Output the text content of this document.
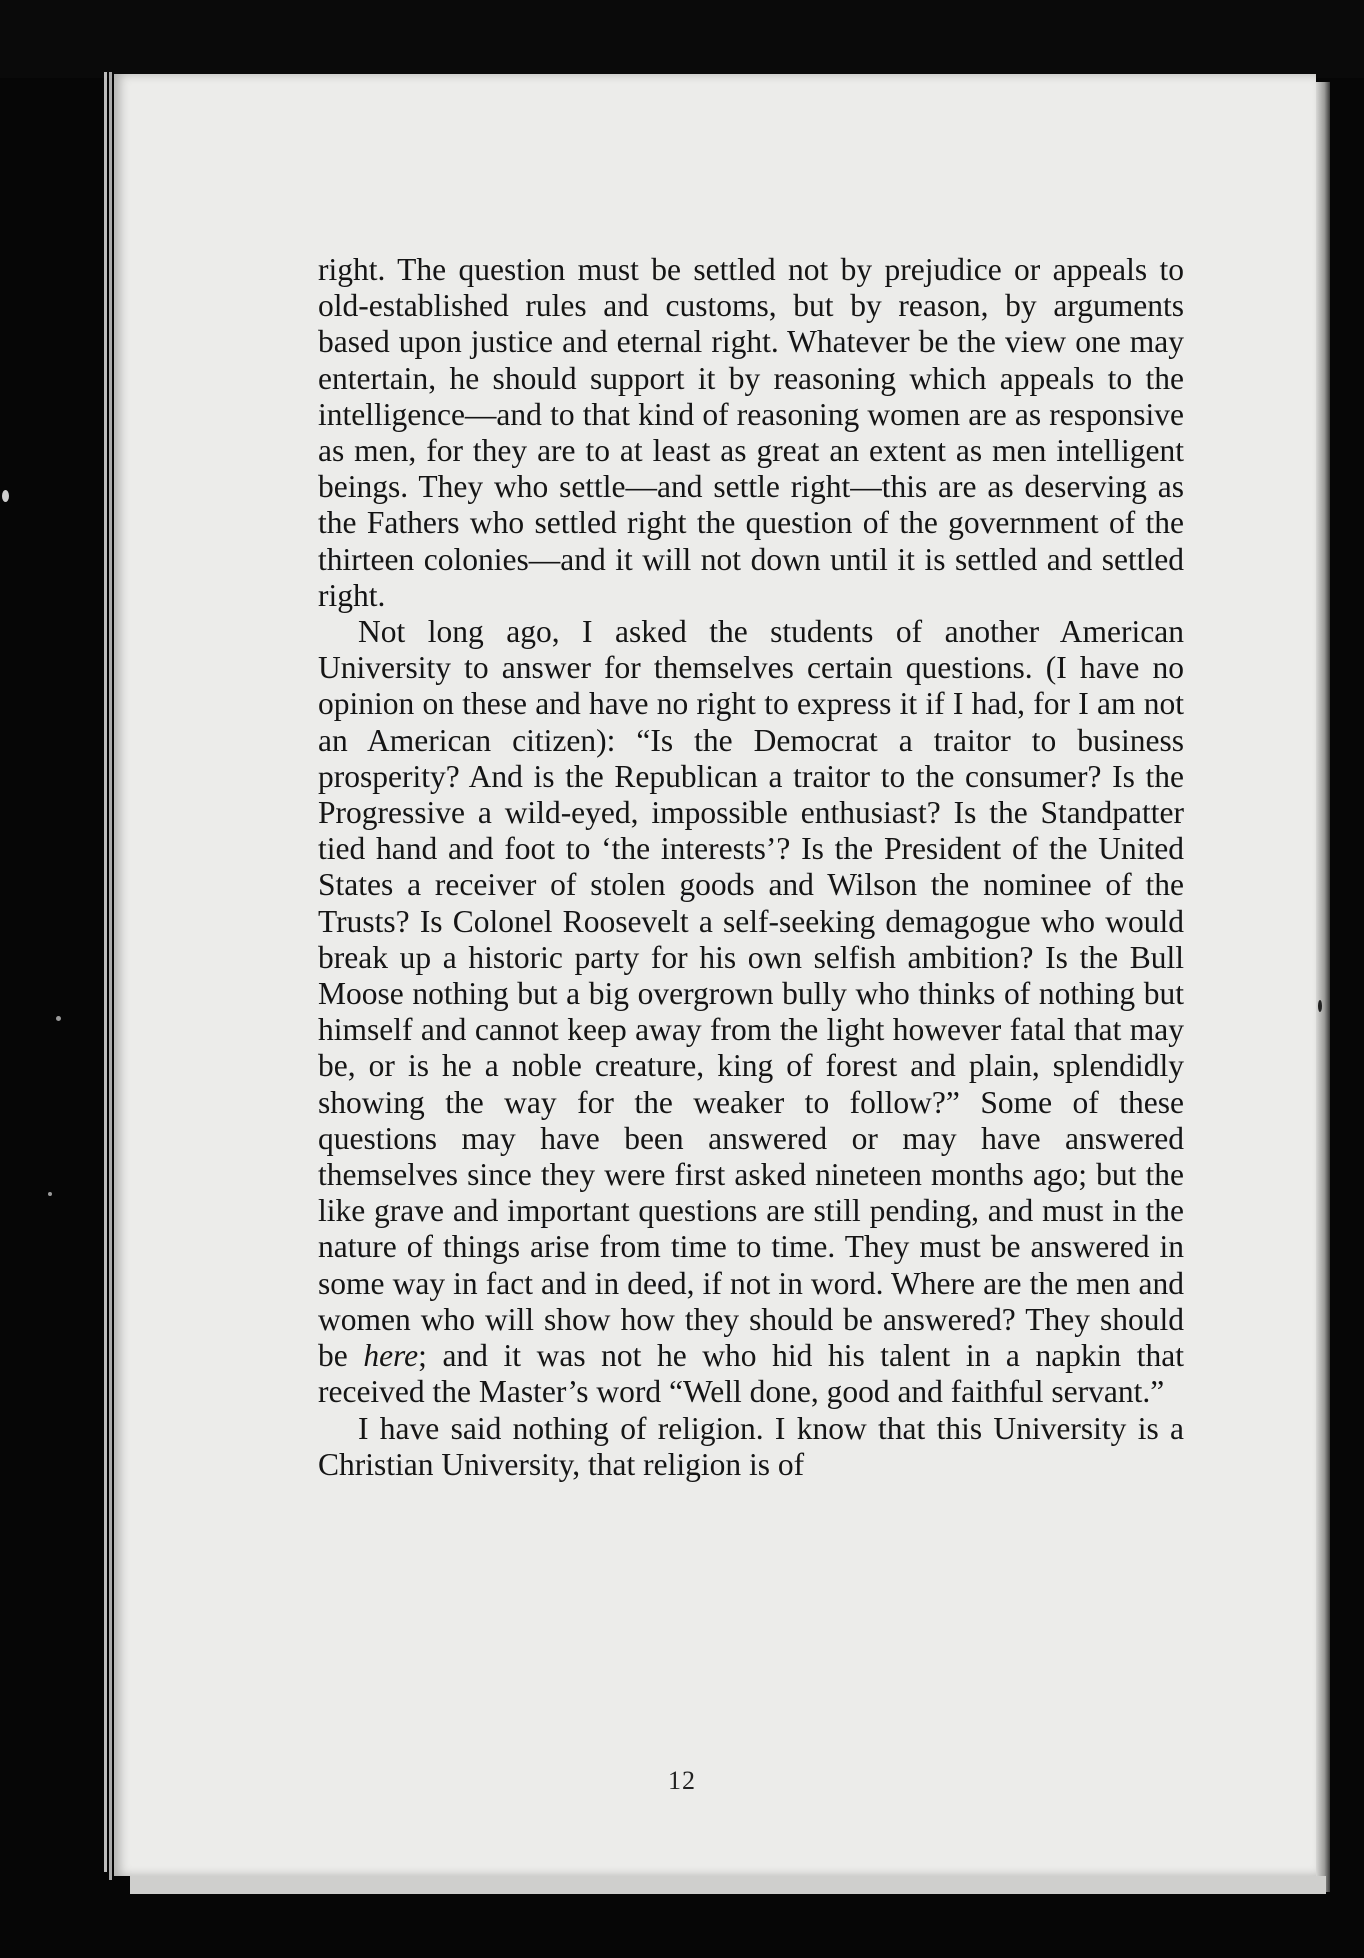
right. The question must be settled not by prejudice or appeals to old-established rules and customs, but by reason, by arguments based upon justice and eternal right. Whatever be the view one may entertain, he should support it by reasoning which appeals to the intelligence—and to that kind of reasoning women are as responsive as men, for they are to at least as great an extent as men intelligent beings. They who settle—and settle right—this are as deserving as the Fathers who settled right the question of the government of the thirteen colonies—and it will not down until it is settled and settled right.

Not long ago, I asked the students of another American University to answer for themselves certain questions. (I have no opinion on these and have no right to express it if I had, for I am not an American citizen): “Is the Democrat a traitor to business prosperity? And is the Republican a traitor to the consumer? Is the Progressive a wild-eyed, impossible enthusiast? Is the Standpatter tied hand and foot to ‘the interests’? Is the President of the United States a receiver of stolen goods and Wilson the nominee of the Trusts? Is Colonel Roosevelt a self-seeking demagogue who would break up a historic party for his own selfish ambition? Is the Bull Moose nothing but a big overgrown bully who thinks of nothing but himself and cannot keep away from the light however fatal that may be, or is he a noble creature, king of forest and plain, splendidly showing the way for the weaker to follow?” Some of these questions may have been answered or may have answered themselves since they were first asked nineteen months ago; but the like grave and important questions are still pending, and must in the nature of things arise from time to time. They must be answered in some way in fact and in deed, if not in word. Where are the men and women who will show how they should be answered? They should be here; and it was not he who hid his talent in a napkin that received the Master’s word “Well done, good and faithful servant.”

I have said nothing of religion. I know that this University is a Christian University, that religion is of

12
